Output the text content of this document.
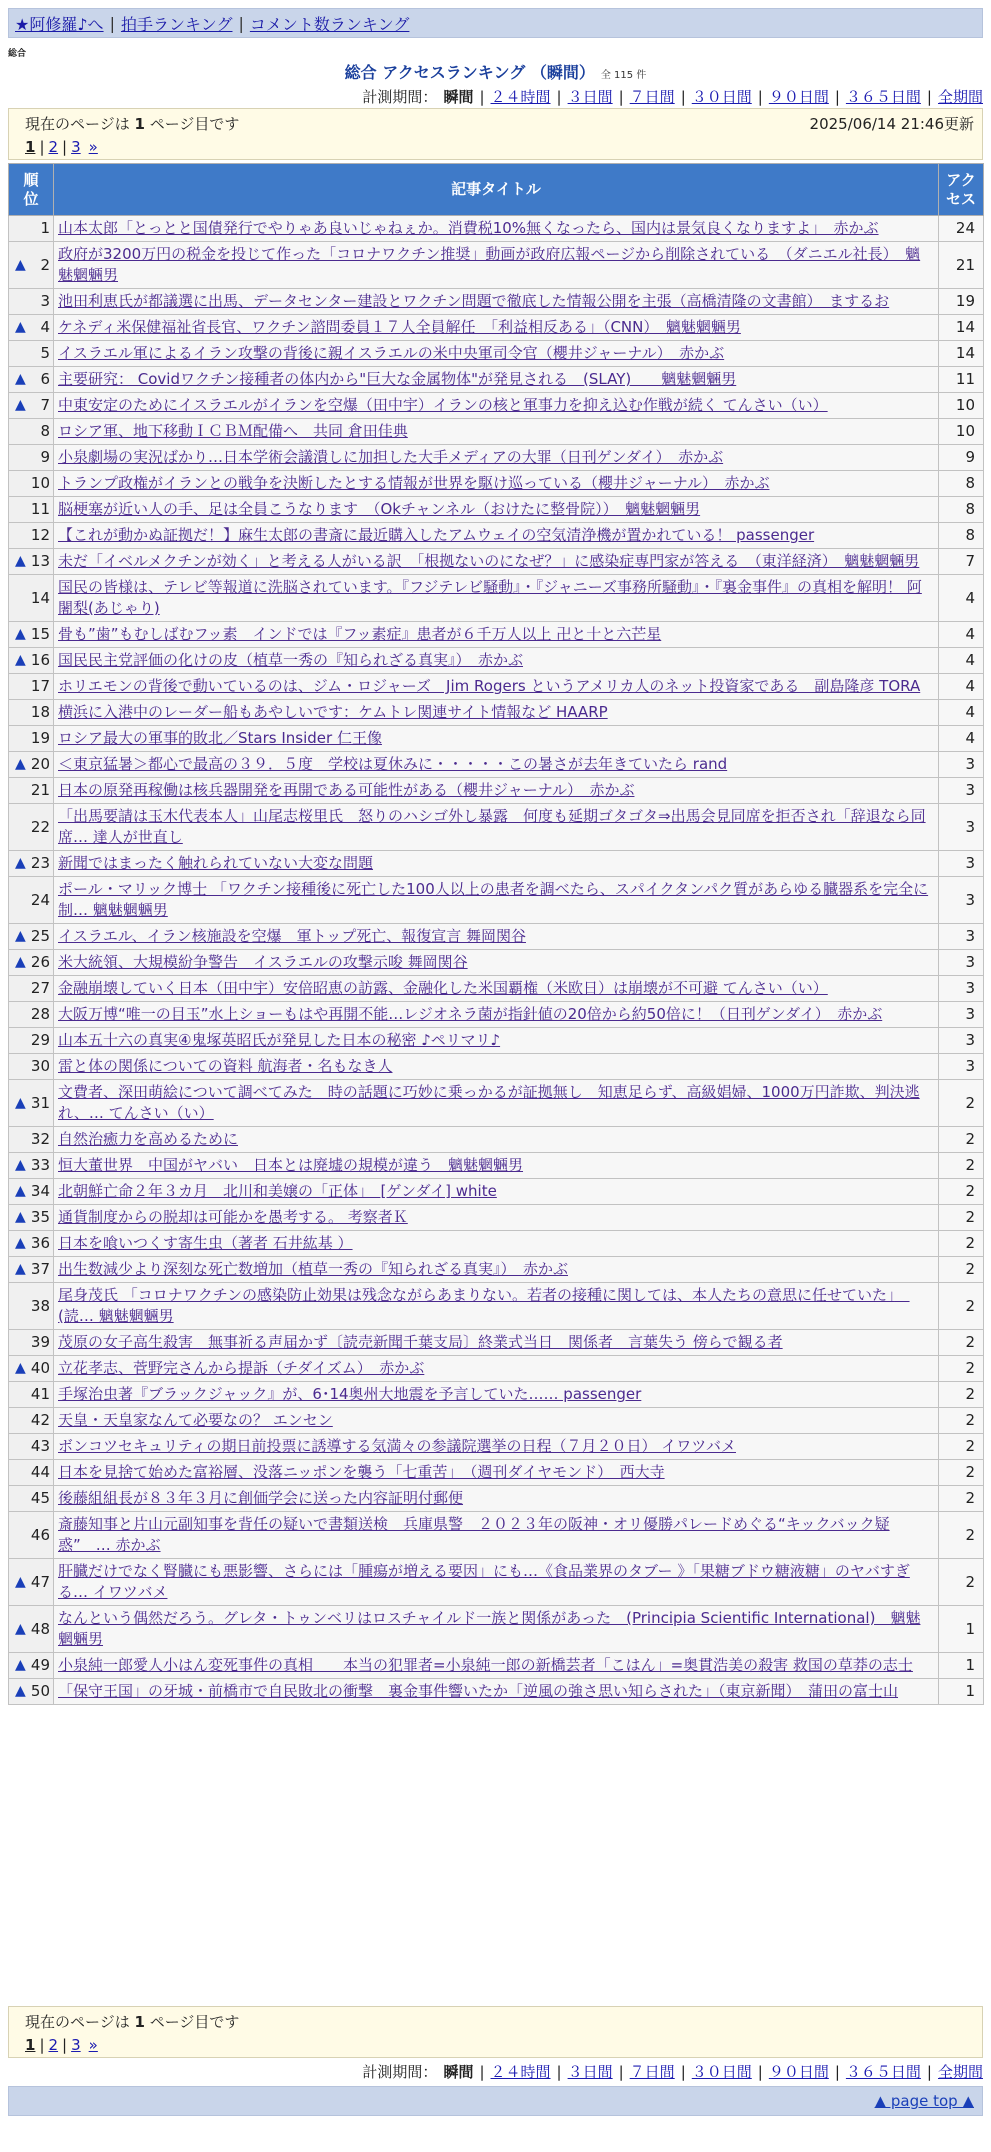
★阿修羅♪へ | 拍手ランキング | コメント数ランキング
総合
総合 アクセスランキング （瞬間） 全 115 件
計測期間： 瞬間 | ２４時間 | ３日間 | ７日間 | ３０日間 | ９０日間 | ３６５日間 | 全期間
現在のページは 1 ページ目です	2025/06/14 21:46更新
1 | 2 | 3 »
順
位	記事タイトル	アク
セス
1	山本太郎「とっとと国債発行でやりゃあ良いじゃねぇか。消費税10%無くなったら、国内は景気良くなりますよ」　赤かぶ	24

▲ 2	政府が3200万円の税金を投じて作った「コロナワクチン推奨」動画が政府広報ページから削除されている　（ダニエル社長）　魑魅魍魎男	21
3	池田利恵氏が都議選に出馬、データセンター建設とワクチン問題で徹底した情報公開を主張（高橋清隆の文書館）　まするお	19

▲ 4	ケネディ米保健福祉省長官、ワクチン諮問委員１７人全員解任　「利益相反ある」（CNN）　魑魅魍魎男	14
5	イスラエル軍によるイラン攻撃の背後に親イスラエルの米中央軍司令官（櫻井ジャーナル）　赤かぶ	14

▲ 6	主要研究： Covidワクチン接種者の体内から"巨大な金属物体"が発見される　(SLAY)　　魑魅魍魎男	11

▲ 7	中東安定のためにイスラエルがイランを空爆（田中宇）イランの核と軍事力を抑え込む作戦が続く てんさい（い）	10
8	ロシア軍、地下移動ＩＣＢＭ配備へ　共同 倉田佳典	10
9	小泉劇場の実況ばかり…日本学術会議潰しに加担した大手メディアの大罪（日刊ゲンダイ）　赤かぶ	9
10	トランプ政権がイランとの戦争を決断したとする情報が世界を駆け巡っている（櫻井ジャーナル）　赤かぶ	8
11	脳梗塞が近い人の手、足は全員こうなります　（Okチャンネル（おけたに整骨院））　魑魅魍魎男	8
12	【これが動かぬ証拠だ！】麻生太郎の書斎に最近購入したアムウェイの空気清浄機が置かれている！ passenger	8

▲ 13	未だ「イベルメクチンが効く」と考える人がいる訳　「根拠ないのになぜ？」に感染症専門家が答える　（東洋経済）　魑魅魍魎男	7
14	国民の皆様は、テレビ等報道に洗脳されています。『フジテレビ騒動』・『ジャニーズ事務所騒動』・『裏金事件』の真相を解明！ 阿闍梨(あじゃり)	4

▲ 15	骨も”歯”もむしばむフッ素　インドでは『フッ素症』患者が６千万人以上 卍と十と六芒星	4

▲ 16	国民民主党評価の化けの皮（植草一秀の『知られざる真実』）　赤かぶ	4
17	ホリエモンの背後で動いているのは、ジム・ロジャーズ　Jim Rogers というアメリカ人のネット投資家である　副島隆彦 TORA	4
18	横浜に入港中のレーダー船もあやしいです：ケムトレ関連サイト情報など HAARP	4
19	ロシア最大の軍事的敗北／Stars Insider 仁王像	4

▲ 20	＜東京猛暑＞都心で最高の３９．５度　学校は夏休みに・・・・・この暑さが去年きていたら rand	3
21	日本の原発再稼働は核兵器開発を再開である可能性がある（櫻井ジャーナル）　赤かぶ	3
22	「出馬要請は玉木代表本人」山尾志桜里氏　怒りのハシゴ外し暴露　何度も延期ゴタゴタ⇒出馬会見同席を拒否され「辞退なら同席… 達人が世直し	3

▲ 23	新聞ではまったく触れられていない大変な問題	3
24	ポール・マリック博士 「ワクチン接種後に死亡した100人以上の患者を調べたら、スパイクタンパク質があらゆる臓器系を完全に制… 魑魅魍魎男	3

▲ 25	イスラエル、イラン核施設を空爆　軍トップ死亡、報復宣言 舞岡関谷	3

▲ 26	米大統領、大規模紛争警告　イスラエルの攻撃示唆 舞岡関谷	3
27	金融崩壊していく日本（田中宇）安倍昭恵の訪露、金融化した米国覇権（米欧日）は崩壊が不可避 てんさい（い）	3
28	大阪万博“唯一の目玉”水上ショーもはや再開不能…レジオネラ菌が指針値の20倍から約50倍に！（日刊ゲンダイ）　赤かぶ	3
29	山本五十六の真実④鬼塚英昭氏が発見した日本の秘密 ♪ペリマリ♪	3
30	雷と体の関係についての資料 航海者・名もなき人	3

▲ 31	文費者、深田萌絵について調べてみた　時の話題に巧妙に乗っかるが証拠無し　知恵足らず、高級娼婦、1000万円詐欺、判決逃れ、… てんさい（い）	2
32	自然治癒力を高めるために	2

▲ 33	恒大董世界　中国がヤバい　日本とは廃墟の規模が違う　魑魅魍魎男	2

▲ 34	北朝鮮亡命２年３カ月　北川和美嬢の「正体」　[ゲンダイ] white	2

▲ 35	通貨制度からの脱却は可能かを愚考する。 考察者Ｋ	2

▲ 36	日本を喰いつくす寄生虫（著者 石井紘基 ）	2

▲ 37	出生数減少より深刻な死亡数増加（植草一秀の『知られざる真実』）　赤かぶ	2
38	尾身茂氏 「コロナワクチンの感染防止効果は残念ながらあまりない。若者の接種に関しては、本人たちの意思に任せていた」　(読… 魑魅魍魎男	2
39	茂原の女子高生殺害　無事祈る声届かず〔読売新聞千葉支局〕終業式当日　関係者　言葉失う 傍らで観る者	2

▲ 40	立花孝志、菅野完さんから提訴（チダイズム）　赤かぶ	2
41	手塚治虫著『ブラックジャック』が、6･14奥州大地震を予言していた…… passenger	2
42	天皇・天皇家なんて必要なの？ エンセン	2
43	ボンコツセキュリティの期日前投票に誘導する気満々の参議院選挙の日程（７月２０日） イワツバメ	2
44	日本を見捨て始めた富裕層、没落ニッポンを襲う「七重苦」　（週刊ダイヤモンド）　西大寺	2
45	後藤組組長が８３年３月に創価学会に送った内容証明付郵便	2
46	斎藤知事と片山元副知事を背任の疑いで書類送検　兵庫県警　２０２３年の阪神・オリ優勝パレードめぐる“キックバック疑惑”　… 赤かぶ	2

▲ 47	肝臓だけでなく腎臓にも悪影響、さらには「腫瘍が増える要因」にも…《食品業界のタブー 》「果糖ブドウ糖液糖」のヤバすぎる… イワツバメ	2

▲ 48	なんという偶然だろう。グレタ・トゥンベリはロスチャイルド一族と関係があった　(Principia Scientific International)　魑魅魍魎男	1

▲ 49	小泉純一郎愛人小はん変死事件の真相　　本当の犯罪者=小泉純一郎の新橋芸者「こはん」=奥貫浩美の殺害 救国の草莽の志士	1

▲ 50	「保守王国」の牙城・前橋市で自民敗北の衝撃　裏金事件響いたか「逆風の強さ思い知らされた」（東京新聞）　蒲田の富士山	1
現在のページは 1 ページ目です
1 | 2 | 3 »
計測期間： 瞬間 | ２４時間 | ３日間 | ７日間 | ３０日間 | ９０日間 | ３６５日間 | 全期間
▲ page top ▲
